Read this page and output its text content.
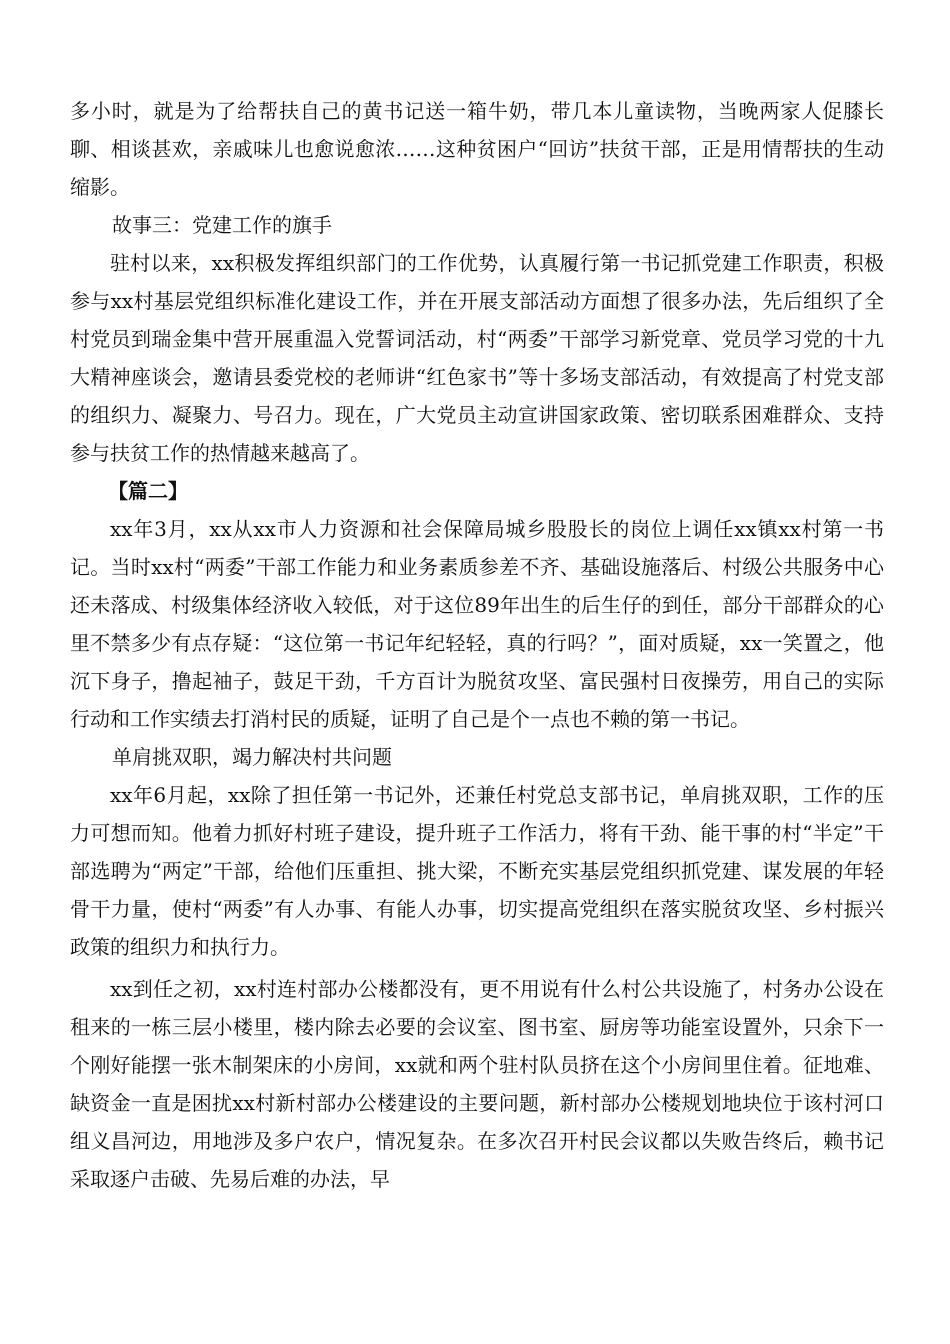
多小时，就是为了给帮扶自己的黄书记送一箱牛奶，带几本儿童读物，当晚两家人促膝长聊、相谈甚欢，亲戚味儿也愈说愈浓……这种贫困户“回访”扶贫干部，正是用情帮扶的生动缩影。

故事三：党建工作的旗手

驻村以来，xx积极发挥组织部门的工作优势，认真履行第一书记抓党建工作职责，积极参与xx村基层党组织标准化建设工作，并在开展支部活动方面想了很多办法，先后组织了全村党员到瑞金集中营开展重温入党誓词活动，村“两委”干部学习新党章、党员学习党的十九大精神座谈会，邀请县委党校的老师讲“红色家书”等十多场支部活动，有效提高了村党支部的组织力、凝聚力、号召力。现在，广大党员主动宣讲国家政策、密切联系困难群众、支持参与扶贫工作的热情越来越高了。

【篇二】

xx年3月，xx从xx市人力资源和社会保障局城乡股股长的岗位上调任xx镇xx村第一书记。当时xx村“两委”干部工作能力和业务素质参差不齐、基础设施落后、村级公共服务中心还未落成、村级集体经济收入较低，对于这位89年出生的后生仔的到任，部分干部群众的心里不禁多少有点存疑：“这位第一书记年纪轻轻，真的行吗？”，面对质疑，xx一笑置之，他沉下身子，撸起袖子，鼓足干劲，千方百计为脱贫攻坚、富民强村日夜操劳，用自己的实际行动和工作实绩去打消村民的质疑，证明了自己是个一点也不赖的第一书记。

单肩挑双职，竭力解决村共问题

xx年6月起，xx除了担任第一书记外，还兼任村党总支部书记，单肩挑双职，工作的压力可想而知。他着力抓好村班子建设，提升班子工作活力，将有干劲、能干事的村“半定”干部选聘为“两定”干部，给他们压重担、挑大梁，不断充实基层党组织抓党建、谋发展的年轻骨干力量，使村“两委”有人办事、有能人办事，切实提高党组织在落实脱贫攻坚、乡村振兴政策的组织力和执行力。

xx到任之初，xx村连村部办公楼都没有，更不用说有什么村公共设施了，村务办公设在租来的一栋三层小楼里，楼内除去必要的会议室、图书室、厨房等功能室设置外，只余下一个刚好能摆一张木制架床的小房间，xx就和两个驻村队员挤在这个小房间里住着。征地难、缺资金一直是困扰xx村新村部办公楼建设的主要问题，新村部办公楼规划地块位于该村河口组义昌河边，用地涉及多户农户，情况复杂。在多次召开村民会议都以失败告终后，赖书记采取逐户击破、先易后难的办法，早
